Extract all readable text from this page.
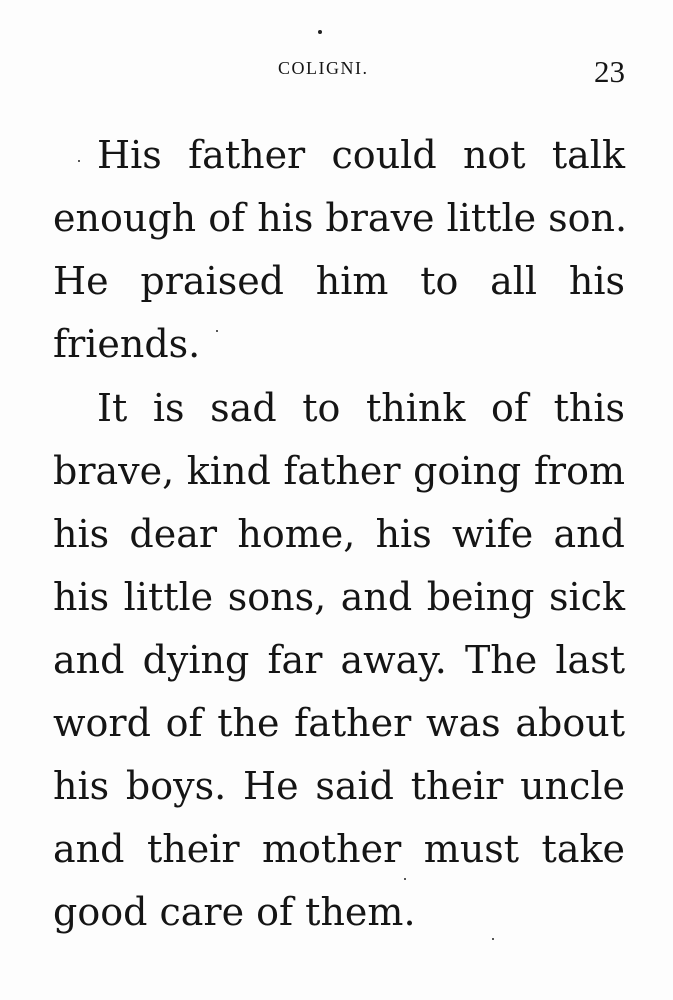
COLIGNI.	23
His father could not talk
enough of his brave little son.
He praised him to all his
friends.
It is sad to think of this
brave, kind father going from
his dear home, his wife and
his little sons, and being sick
and dying far away. The last
word of the father was about
his boys. He said their uncle
and their mother must take
good care of them.
